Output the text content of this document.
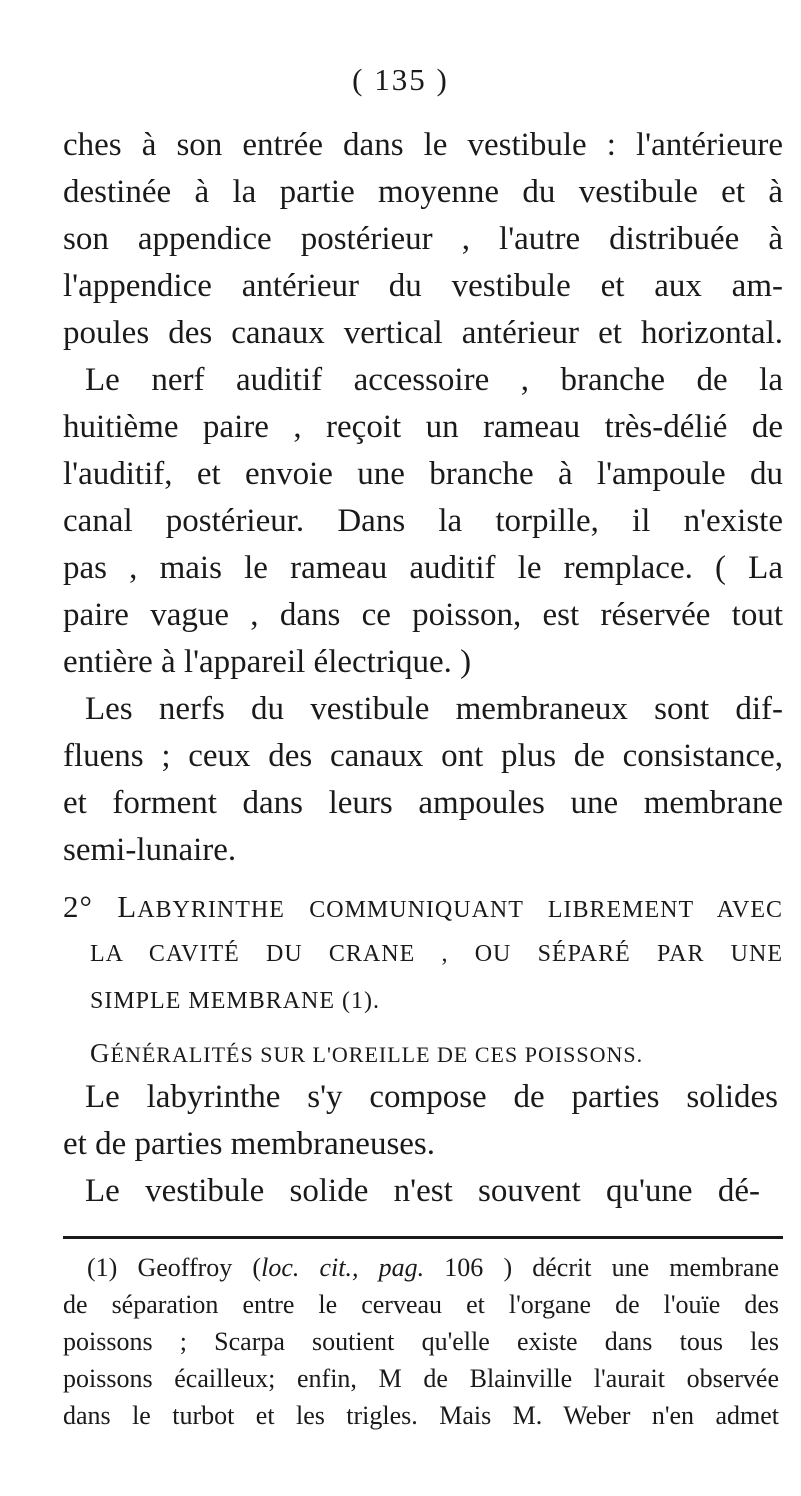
( 135 )
ches à son entrée dans le vestibule : l'antérieure
destinée à la partie moyenne du vestibule et à
son appendice postérieur , l'autre distribuée à
l'appendice antérieur du vestibule et aux am-
poules des canaux vertical antérieur et horizontal.
Le nerf auditif accessoire , branche de la
huitième paire , reçoit un rameau très-délié de
l'auditif, et envoie une branche à l'ampoule du
canal postérieur. Dans la torpille, il n'existe
pas , mais le rameau auditif le remplace. ( La
paire vague , dans ce poisson, est réservée tout
entière à l'appareil électrique. )
Les nerfs du vestibule membraneux sont dif-
fluens ; ceux des canaux ont plus de consistance,
et forment dans leurs ampoules une membrane
semi-lunaire.
2° LABYRINTHE COMMUNIQUANT LIBREMENT AVEC
LA CAVITÉ DU CRANE , OU SÉPARÉ PAR UNE
SIMPLE MEMBRANE (1).
GÉNÉRALITÉS SUR L'OREILLE DE CES POISSONS.
Le labyrinthe s'y compose de parties solides
et de parties membraneuses.
Le vestibule solide n'est souvent qu'une dé-
(1) Geoffroy (loc. cit., pag. 106 ) décrit une membrane
de séparation entre le cerveau et l'organe de l'ouïe des
poissons ; Scarpa soutient qu'elle existe dans tous les
poissons écailleux; enfin, M de Blainville l'aurait observée
dans le turbot et les trigles. Mais M. Weber n'en admet
